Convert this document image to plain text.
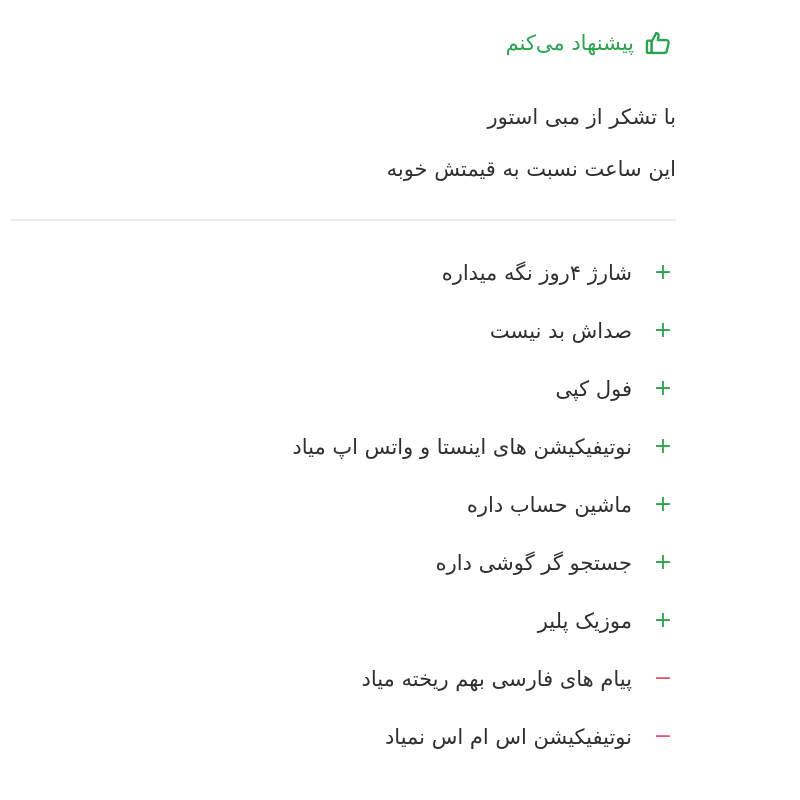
پیشنهاد می‌کنم
با تشکر از مبی استور
این ساعت نسبت به قیمتش خوبه
+
شارژ ۴روز نگه میداره
+
صداش بد نیست
+
فول کپی
+
نوتیفیکیشن های اینستا و واتس اپ میاد
+
ماشین حساب داره
+
جستجو گر گوشی داره
+
موزیک پلیر
−
پیام های فارسی بهم ریخته میاد
−
نوتیفیکیشن اس ام اس نمیاد
